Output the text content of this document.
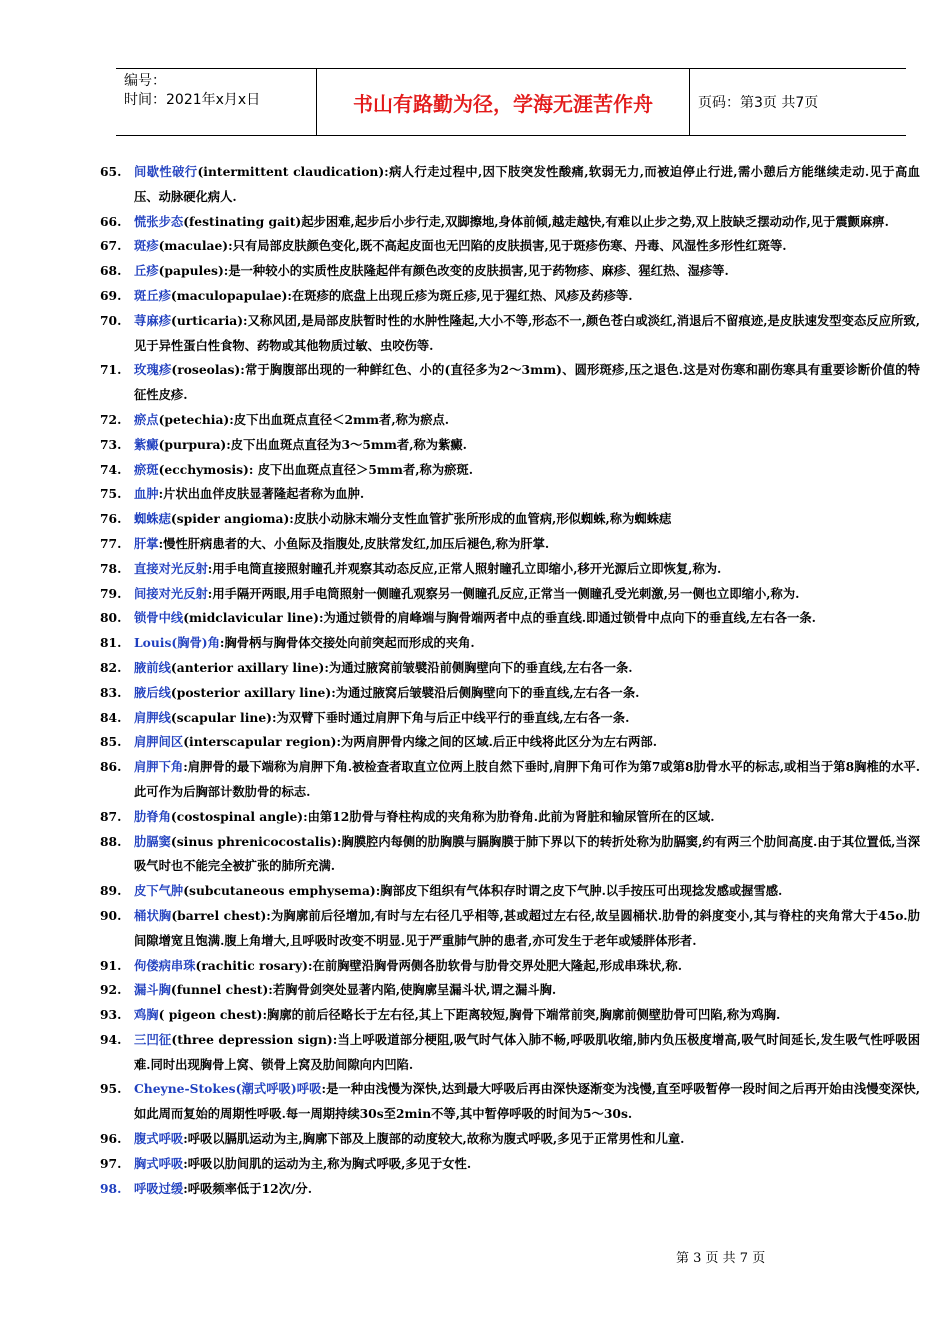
编号：
时间：2021年x月x日	书山有路勤为径，学海无涯苦作舟	页码：第3页 共7页
65.	间歇性破行(intermittent claudication):病人行走过程中,因下肢突发性酸痛,软弱无力,而被迫停止行进,需小憩后方能继续走动.见于高血压、动脉硬化病人.
66.	慌张步态(festinating gait)起步困难,起步后小步行走,双脚擦地,身体前倾,越走越快,有难以止步之势,双上肢缺乏摆动动作,见于震颤麻痹.
67.	斑疹(maculae):只有局部皮肤颜色变化,既不高起皮面也无凹陷的皮肤损害,见于斑疹伤寒、丹毒、风湿性多形性红斑等.
68.	丘疹(papules):是一种较小的实质性皮肤隆起伴有颜色改变的皮肤损害,见于药物疹、麻疹、猩红热、湿疹等.
69.	斑丘疹(maculopapulae):在斑疹的底盘上出现丘疹为斑丘疹,见于猩红热、风疹及药疹等.
70.	荨麻疹(urticaria):又称风团,是局部皮肤暂时性的水肿性隆起,大小不等,形态不一,颜色苍白或淡红,消退后不留痕迹,是皮肤速发型变态反应所致,见于异性蛋白性食物、药物或其他物质过敏、虫咬伤等.
71.	玫瑰疹(roseolas):常于胸腹部出现的一种鲜红色、小的(直径多为2～3mm)、圆形斑疹,压之退色.这是对伤寒和副伤寒具有重要诊断价值的特征性皮疹.
72.	瘀点(petechia):皮下出血斑点直径＜2mm者,称为瘀点.
73.	紫癜(purpura):皮下出血斑点直径为3～5mm者,称为紫癜.
74.	瘀斑(ecchymosis): 皮下出血斑点直径＞5mm者,称为瘀斑.
75.	血肿:片状出血伴皮肤显著隆起者称为血肿.
76.	蜘蛛痣(spider angioma):皮肤小动脉末端分支性血管扩张所形成的血管病,形似蜘蛛,称为蜘蛛痣
77.	肝掌:慢性肝病患者的大、小鱼际及指腹处,皮肤常发红,加压后褪色,称为肝掌.
78.	直接对光反射:用手电筒直接照射瞳孔并观察其动态反应,正常人照射瞳孔立即缩小,移开光源后立即恢复,称为.
79.	间接对光反射:用手隔开两眼,用手电筒照射一侧瞳孔观察另一侧瞳孔反应,正常当一侧瞳孔受光刺激,另一侧也立即缩小,称为.
80.	锁骨中线(midclavicular line):为通过锁骨的肩峰端与胸骨端两者中点的垂直线.即通过锁骨中点向下的垂直线,左右各一条.
81.	Louis(胸骨)角:胸骨柄与胸骨体交接处向前突起而形成的夹角.
82.	腋前线(anterior axillary line):为通过腋窝前皱襞沿前侧胸壁向下的垂直线,左右各一条.
83.	腋后线(posterior axillary line):为通过腋窝后皱襞沿后侧胸壁向下的垂直线,左右各一条.
84.	肩胛线(scapular line):为双臂下垂时通过肩胛下角与后正中线平行的垂直线,左右各一条.
85.	肩胛间区(interscapular region):为两肩胛骨内缘之间的区域.后正中线将此区分为左右两部.
86.	肩胛下角:肩胛骨的最下端称为肩胛下角.被检查者取直立位两上肢自然下垂时,肩胛下角可作为第7或第8肋骨水平的标志,或相当于第8胸椎的水平.此可作为后胸部计数肋骨的标志.
87.	肋脊角(costospinal angle):由第12肋骨与脊柱构成的夹角称为肋脊角.此前为肾脏和输尿管所在的区域.
88.	肋膈窦(sinus phrenicocostalis):胸膜腔内每侧的肋胸膜与膈胸膜于肺下界以下的转折处称为肋膈窦,约有两三个肋间高度.由于其位置低,当深吸气时也不能完全被扩张的肺所充满.
89.	皮下气肿(subcutaneous emphysema):胸部皮下组织有气体积存时谓之皮下气肿.以手按压可出现捻发感或握雪感.
90.	桶状胸(barrel chest):为胸廓前后径增加,有时与左右径几乎相等,甚或超过左右径,故呈圆桶状.肋骨的斜度变小,其与脊柱的夹角常大于45o.肋间隙增宽且饱满.腹上角增大,且呼吸时改变不明显.见于严重肺气肿的患者,亦可发生于老年或矮胖体形者.
91.	佝偻病串珠(rachitic rosary):在前胸壁沿胸骨两侧各肋软骨与肋骨交界处肥大隆起,形成串珠状,称.
92.	漏斗胸(funnel chest):若胸骨剑突处显著内陷,使胸廓呈漏斗状,谓之漏斗胸.
93.	鸡胸( pigeon chest):胸廓的前后径略长于左右径,其上下距离较短,胸骨下端常前突,胸廓前侧壁肋骨可凹陷,称为鸡胸.
94.	三凹征(three depression sign):当上呼吸道部分梗阻,吸气时气体入肺不畅,呼吸肌收缩,肺内负压极度增高,吸气时间延长,发生吸气性呼吸困难.同时出现胸骨上窝、锁骨上窝及肋间隙向内凹陷.
95.	Cheyne-Stokes(潮式呼吸)呼吸:是一种由浅慢为深快,达到最大呼吸后再由深快逐渐变为浅慢,直至呼吸暂停一段时间之后再开始由浅慢变深快,如此周而复始的周期性呼吸.每一周期持续30s至2min不等,其中暂停呼吸的时间为5～30s.
96.	腹式呼吸:呼吸以膈肌运动为主,胸廓下部及上腹部的动度较大,故称为腹式呼吸,多见于正常男性和儿童.
97.	胸式呼吸:呼吸以肋间肌的运动为主,称为胸式呼吸,多见于女性.
98.	呼吸过缓:呼吸频率低于12次/分.
第 3 页 共 7 页
